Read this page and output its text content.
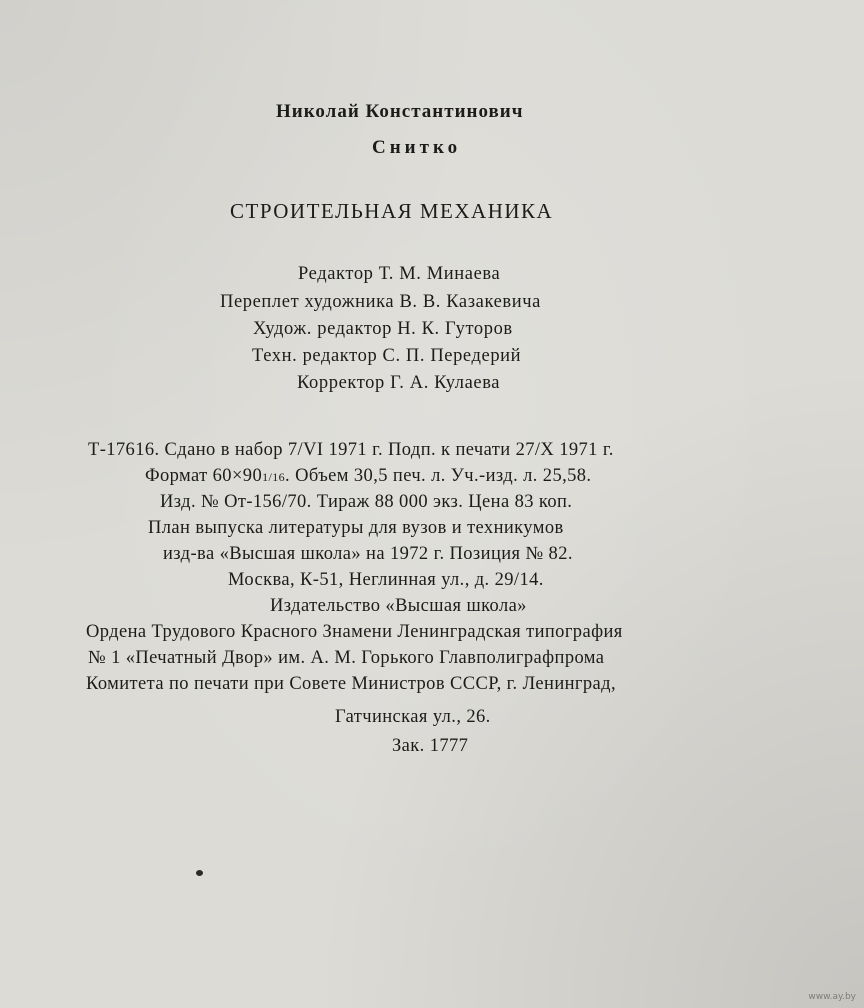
Николай Константинович
Снитко
СТРОИТЕЛЬНАЯ МЕХАНИКА
Редактор Т. М. Минаева
Переплет художника В. В. Казакевича
Худож. редактор Н. К. Гуторов
Техн. редактор С. П. Передерий
Корректор Г. А. Кулаева
Т-17616. Сдано в набор 7/VI 1971 г. Подп. к печати 27/X 1971 г.
Формат 60×901/16. Объем 30,5 печ. л. Уч.-изд. л. 25,58.
Изд. № От-156/70. Тираж 88 000 экз. Цена 83 коп.
План выпуска литературы для вузов и техникумов
изд-ва «Высшая школа» на 1972 г. Позиция № 82.
Москва, К-51, Неглинная ул., д. 29/14.
Издательство «Высшая школа»
Ордена Трудового Красного Знамени Ленинградская типография
№ 1 «Печатный Двор» им. А. М. Горького Главполиграфпрома
Комитета по печати при Совете Министров СССР, г. Ленинград,
Гатчинская ул., 26.
Зак. 1777
www.ay.by
